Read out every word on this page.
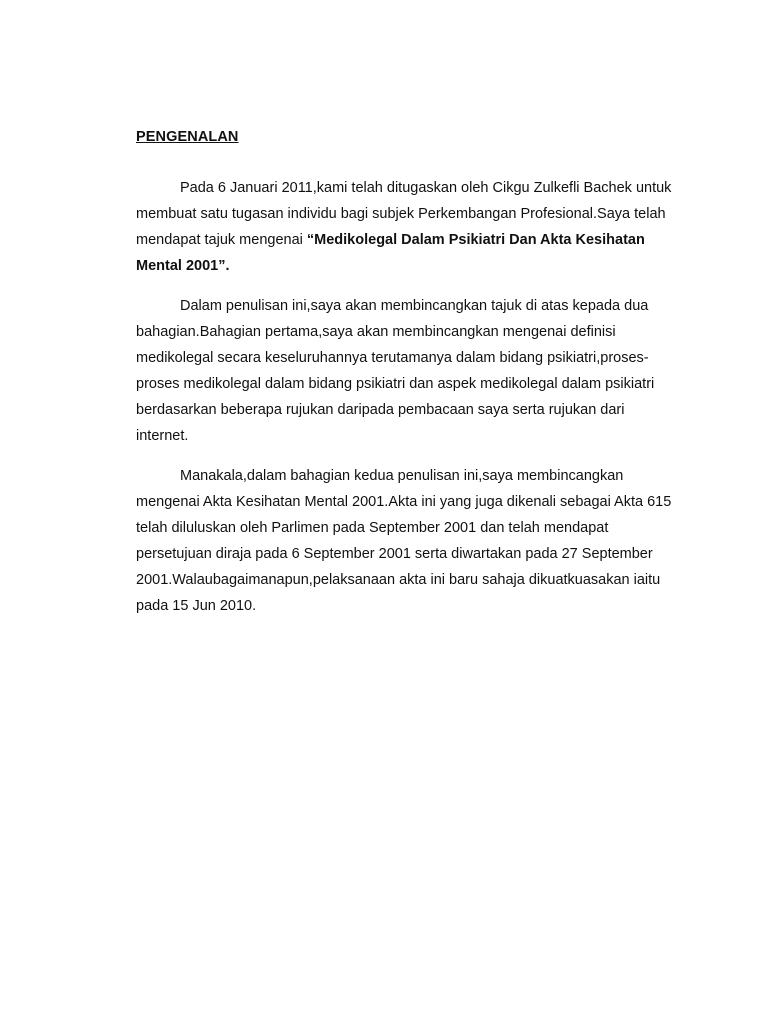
PENGENALAN

Pada 6 Januari 2011,kami telah ditugaskan oleh Cikgu Zulkefli Bachek untuk membuat satu tugasan individu bagi subjek Perkembangan Profesional.Saya telah mendapat tajuk mengenai “Medikolegal Dalam Psikiatri Dan Akta Kesihatan Mental 2001”.

Dalam penulisan ini,saya akan membincangkan tajuk di atas kepada dua bahagian.Bahagian pertama,saya akan membincangkan mengenai definisi medikolegal secara keseluruhannya terutamanya dalam bidang psikiatri,proses-proses medikolegal dalam bidang psikiatri dan aspek medikolegal dalam psikiatri berdasarkan beberapa rujukan daripada pembacaan saya serta rujukan dari internet.

Manakala,dalam bahagian kedua penulisan ini,saya membincangkan mengenai Akta Kesihatan Mental 2001.Akta ini yang juga dikenali sebagai Akta 615 telah diluluskan oleh Parlimen pada September 2001 dan telah mendapat persetujuan diraja pada 6 September 2001 serta diwartakan pada 27 September 2001.Walaubagaimanapun,pelaksanaan akta ini baru sahaja dikuatkuasakan iaitu pada 15 Jun 2010.
